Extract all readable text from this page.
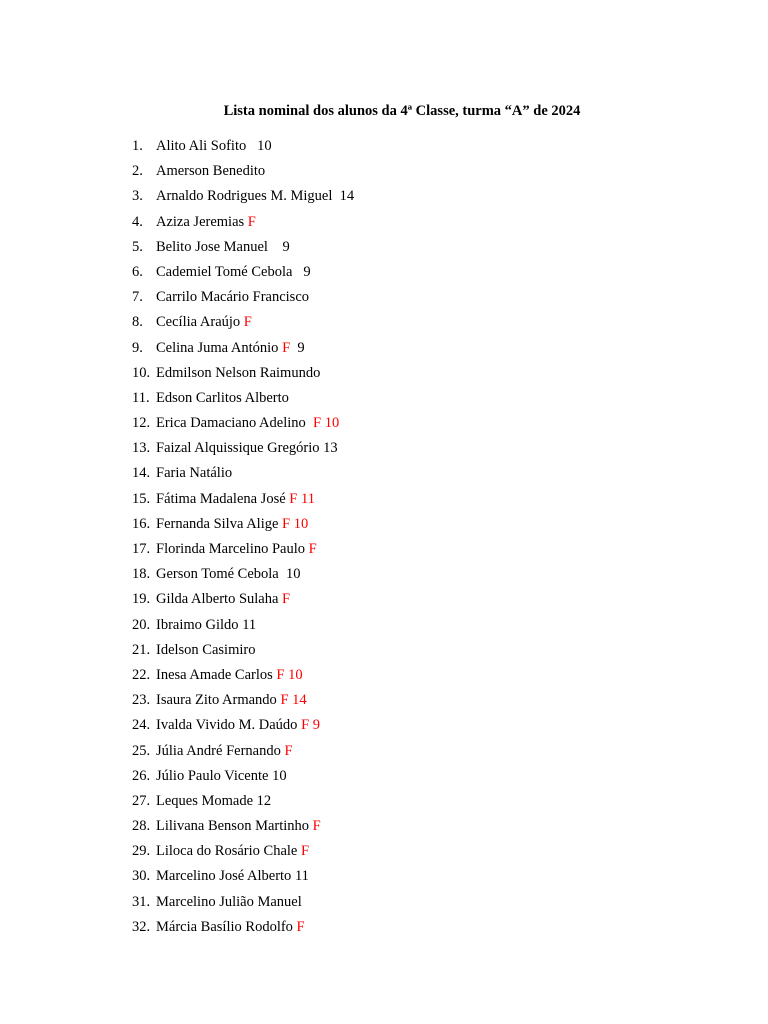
Lista nominal dos alunos da 4ª Classe, turma “A” de 2024
1. Alito Ali Sofito 10
2. Amerson Benedito
3. Arnaldo Rodrigues M. Miguel 14
4. Aziza Jeremias F
5. Belito Jose Manuel 9
6. Cademiel Tomé Cebola 9
7. Carrilo Macário Francisco
8. Cecília Araújo F
9. Celina Juma António F 9
10. Edmilson Nelson Raimundo
11. Edson Carlitos Alberto
12. Erica Damaciano Adelino  F 10
13. Faizal Alquissique Gregório 13
14. Faria Natálio
15. Fátima Madalena José F 11
16. Fernanda Silva Alige F 10
17. Florinda Marcelino Paulo F
18. Gerson Tomé Cebola 10
19. Gilda Alberto Sulaha F
20. Ibraimo Gildo 11
21. Idelson Casimiro
22. Inesa Amade Carlos F 10
23. Isaura Zito Armando F 14
24. Ivalda Vivido M. Daúdo F 9
25. Júlia André Fernando F
26. Júlio Paulo Vicente 10
27. Leques Momade 12
28. Lilivana Benson Martinho F
29. Liloca do Rosário Chale F
30. Marcelino José Alberto 11
31. Marcelino Julião Manuel
32. Márcia Basílio Rodolfo F
